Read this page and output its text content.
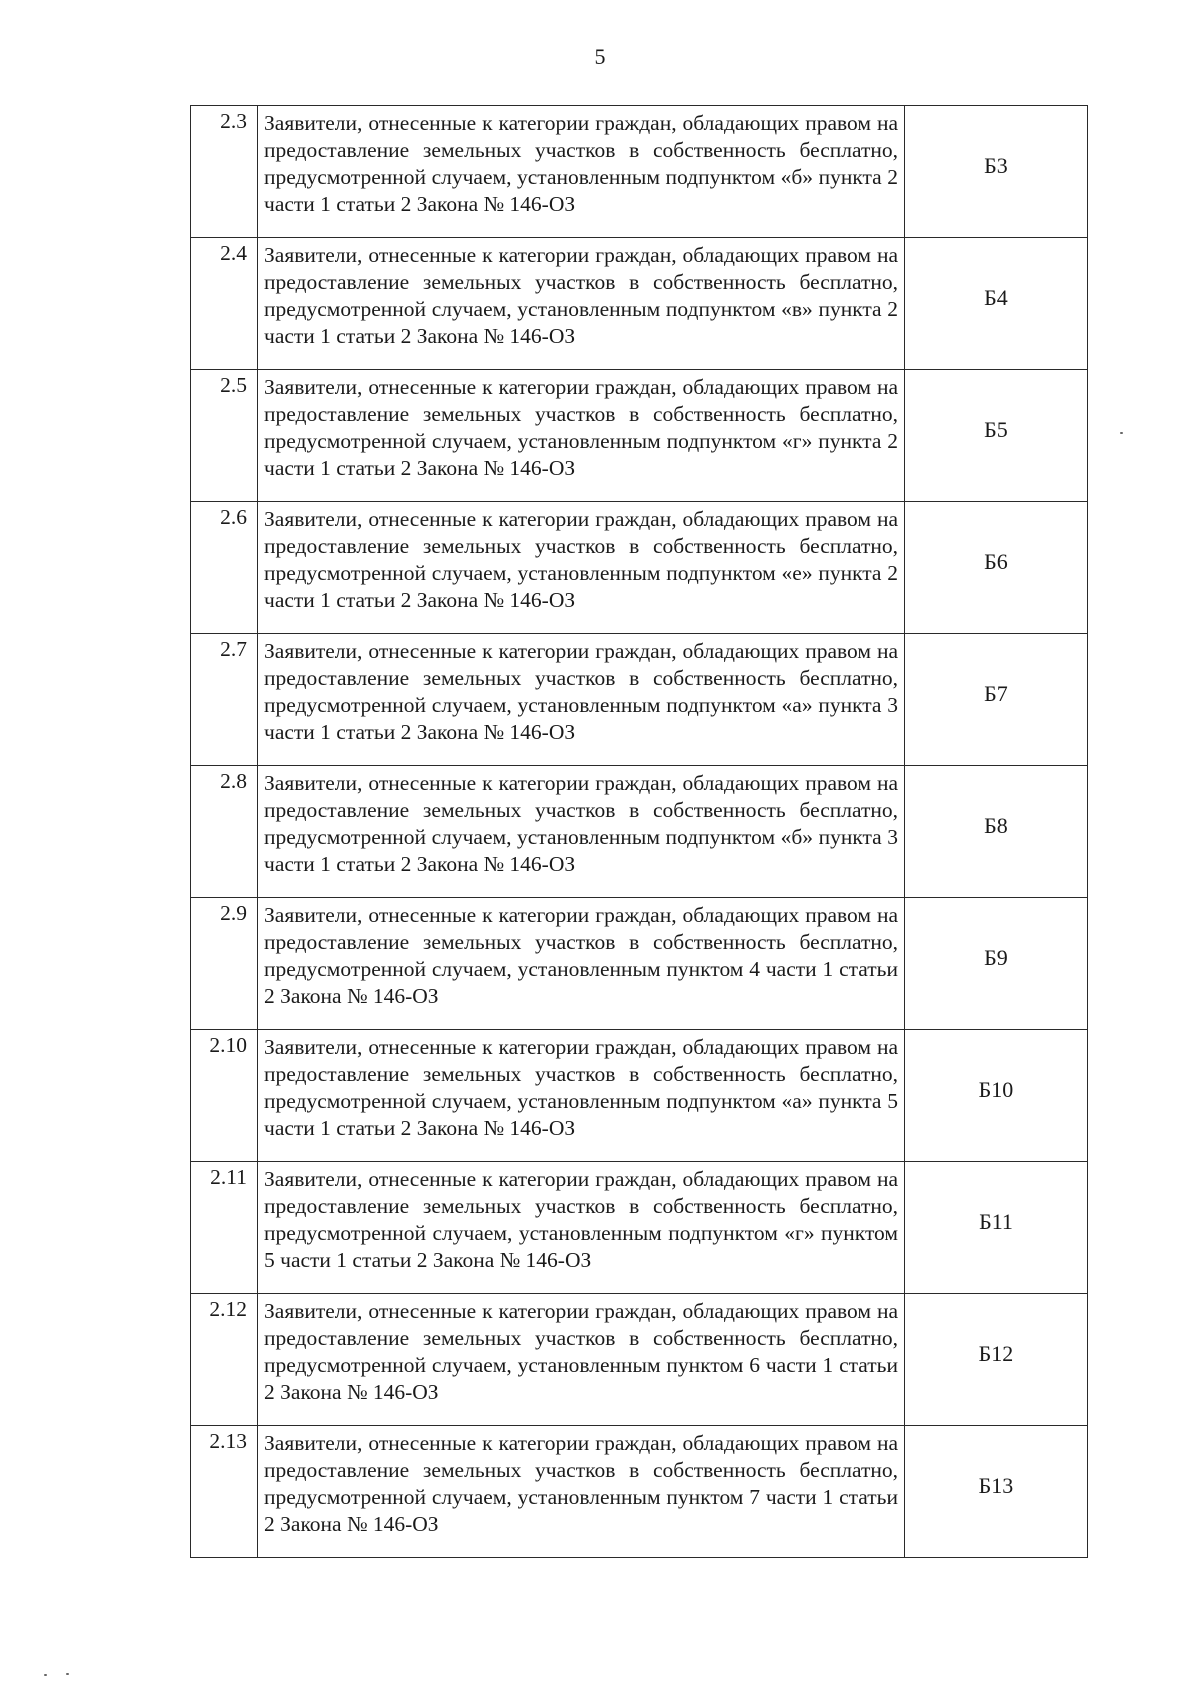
5
2.3	Заявители, отнесенные к категории граждан, обладающих правом на предоставление земельных участков в собственность бесплатно, предусмотренной случаем, установленным подпунктом «б» пункта 2 части 1 статьи 2 Закона № 146-ОЗ	Б3
2.4	Заявители, отнесенные к категории граждан, обладающих правом на предоставление земельных участков в собственность бесплатно, предусмотренной случаем, установленным подпунктом «в» пункта 2 части 1 статьи 2 Закона № 146-ОЗ	Б4
2.5	Заявители, отнесенные к категории граждан, обладающих правом на предоставление земельных участков в собственность бесплатно, предусмотренной случаем, установленным подпунктом «г» пункта 2 части 1 статьи 2 Закона № 146-ОЗ	Б5
2.6	Заявители, отнесенные к категории граждан, обладающих правом на предоставление земельных участков в собственность бесплатно, предусмотренной случаем, установленным подпунктом «е» пункта 2 части 1 статьи 2 Закона № 146-ОЗ	Б6
2.7	Заявители, отнесенные к категории граждан, обладающих правом на предоставление земельных участков в собственность бесплатно, предусмотренной случаем, установленным подпунктом «а» пункта 3 части 1 статьи 2 Закона № 146-ОЗ	Б7
2.8	Заявители, отнесенные к категории граждан, обладающих правом на предоставление земельных участков в собственность бесплатно, предусмотренной случаем, установленным подпунктом «б» пункта 3 части 1 статьи 2 Закона № 146-ОЗ	Б8
2.9	Заявители, отнесенные к категории граждан, обладающих правом на предоставление земельных участков в собственность бесплатно, предусмотренной случаем, установленным пунктом 4 части 1 статьи 2 Закона № 146-ОЗ	Б9
2.10	Заявители, отнесенные к категории граждан, обладающих правом на предоставление земельных участков в собственность бесплатно, предусмотренной случаем, установленным подпунктом «а» пункта 5 части 1 статьи 2 Закона № 146-ОЗ	Б10
2.11	Заявители, отнесенные к категории граждан, обладающих правом на предоставление земельных участков в собственность бесплатно, предусмотренной случаем, установленным подпунктом «г» пунктом 5 части 1 статьи 2 Закона № 146-ОЗ	Б11
2.12	Заявители, отнесенные к категории граждан, обладающих правом на предоставление земельных участков в собственность бесплатно, предусмотренной случаем, установленным пунктом 6 части 1 статьи 2 Закона № 146-ОЗ	Б12
2.13	Заявители, отнесенные к категории граждан, обладающих правом на предоставление земельных участков в собственность бесплатно, предусмотренной случаем, установленным пунктом 7 части 1 статьи 2 Закона № 146-ОЗ	Б13
